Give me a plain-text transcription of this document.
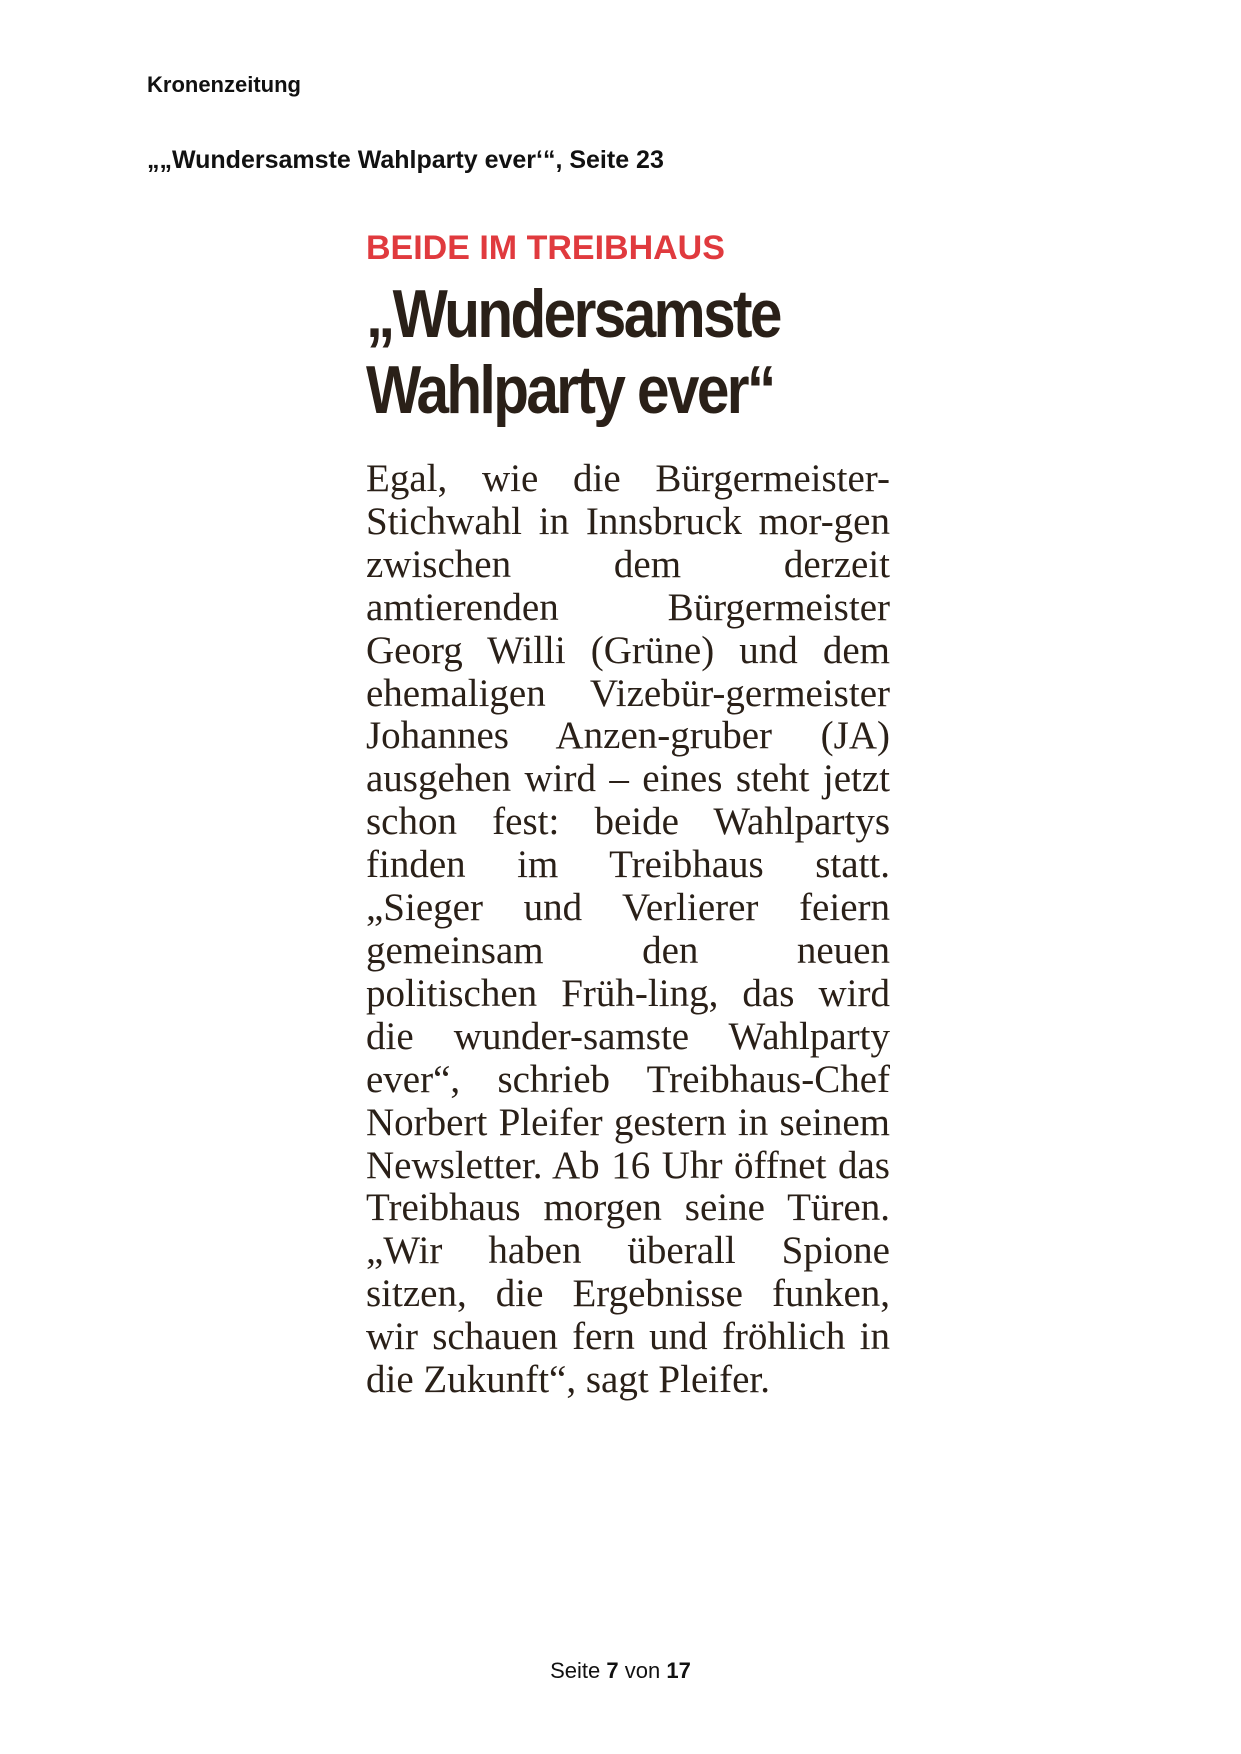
Kronenzeitung
„„Wundersamste Wahlparty ever‘“, Seite 23
BEIDE IM TREIBHAUS
„Wundersamste
Wahlparty ever“

Egal, wie die Bürgermeister-Stichwahl in Innsbruck mor-gen zwischen dem derzeit amtierenden Bürgermeister Georg Willi (Grüne) und dem ehemaligen Vizebür-germeister Johannes Anzen-gruber (JA) ausgehen wird – eines steht jetzt schon fest: beide Wahlpartys finden im Treibhaus statt. „Sieger und Verlierer feiern gemeinsam den neuen politischen Früh-ling, das wird die wunder-samste Wahlparty ever“, schrieb Treibhaus-Chef Norbert Pleifer gestern in seinem Newsletter. Ab 16 Uhr öffnet das Treibhaus morgen seine Türen. „Wir haben überall Spione sitzen, die Ergebnisse funken, wir schauen fern und fröhlich in die Zukunft“, sagt Pleifer.

Seite 7 von 17
